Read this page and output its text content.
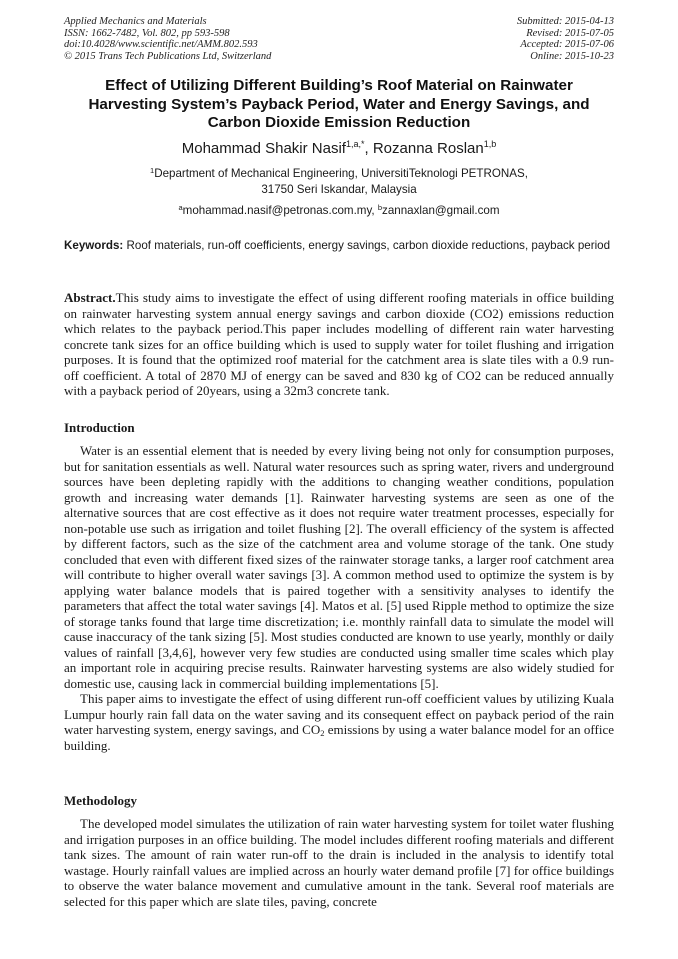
Applied Mechanics and Materials
ISSN: 1662-7482, Vol. 802, pp 593-598
doi:10.4028/www.scientific.net/AMM.802.593
© 2015 Trans Tech Publications Ltd, Switzerland
Submitted: 2015-04-13
Revised: 2015-07-05
Accepted: 2015-07-06
Online: 2015-10-23
Effect of Utilizing Different Building’s Roof Material on Rainwater
Harvesting System’s Payback Period, Water and Energy Savings, and
Carbon Dioxide Emission Reduction
Mohammad Shakir Nasif$^{1,a,*}$, Rozanna Roslan$^{1,b}$
$^1$Department of Mechanical Engineering, UniversitiTeknologi PETRONAS,
31750 Seri Iskandar, Malaysia
$^a$mohammad.nasif@petronas.com.my, $^b$zannaxlan@gmail.com
Keywords: Roof materials, run-off coefficients, energy savings, carbon dioxide reductions, payback period
Abstract.This study aims to investigate the effect of using different roofing materials in office building on rainwater harvesting system annual energy savings and carbon dioxide (CO2) emissions reduction which relates to the payback period.This paper includes modelling of different rain water harvesting concrete tank sizes for an office building which is used to supply water for toilet flushing and irrigation purposes. It is found that the optimized roof material for the catchment area is slate tiles with a 0.9 run-off coefficient. A total of 2870 MJ of energy can be saved and 830 kg of CO2 can be reduced annually with a payback period of 20years, using a 32m3 concrete tank.
Introduction

Water is an essential element that is needed by every living being not only for consumption purposes, but for sanitation essentials as well. Natural water resources such as spring water, rivers and underground sources have been depleting rapidly with the additions to changing weather conditions, population growth and increasing water demands [1]. Rainwater harvesting systems are seen as one of the alternative sources that are cost effective as it does not require water treatment processes, especially for non-potable use such as irrigation and toilet flushing [2]. The overall efficiency of the system is affected by different factors, such as the size of the catchment area and volume storage of the tank. One study concluded that even with different fixed sizes of the rainwater storage tanks, a larger roof catchment area will contribute to higher overall water savings [3]. A common method used to optimize the system is by applying water balance models that is paired together with a sensitivity analyses to identify the parameters that affect the total water savings [4]. Matos et al. [5] used Ripple method to optimize the size of storage tanks found that large time discretization; i.e. monthly rainfall data to simulate the model will cause inaccuracy of the tank sizing [5]. Most studies conducted are known to use yearly, monthly or daily values of rainfall [3,4,6], however very few studies are conducted using smaller time scales which play an important role in acquiring precise results. Rainwater harvesting systems are also widely studied for domestic use, causing lack in commercial building implementations [5].

This paper aims to investigate the effect of using different run-off coefficient values by utilizing Kuala Lumpur hourly rain fall data on the water saving and its consequent effect on payback period of the rain water harvesting system, energy savings, and $CO_2$ emissions by using a water balance model for an office building.

Methodology

The developed model simulates the utilization of rain water harvesting system for toilet water flushing and irrigation purposes in an office building. The model includes different roofing materials and different tank sizes. The amount of rain water run-off to the drain is included in the analysis to identify total wastage. Hourly rainfall values are implied across an hourly water demand profile [7] for office buildings to observe the water balance movement and cumulative amount in the tank. Several roof materials are selected for this paper which are slate tiles, paving, concrete
